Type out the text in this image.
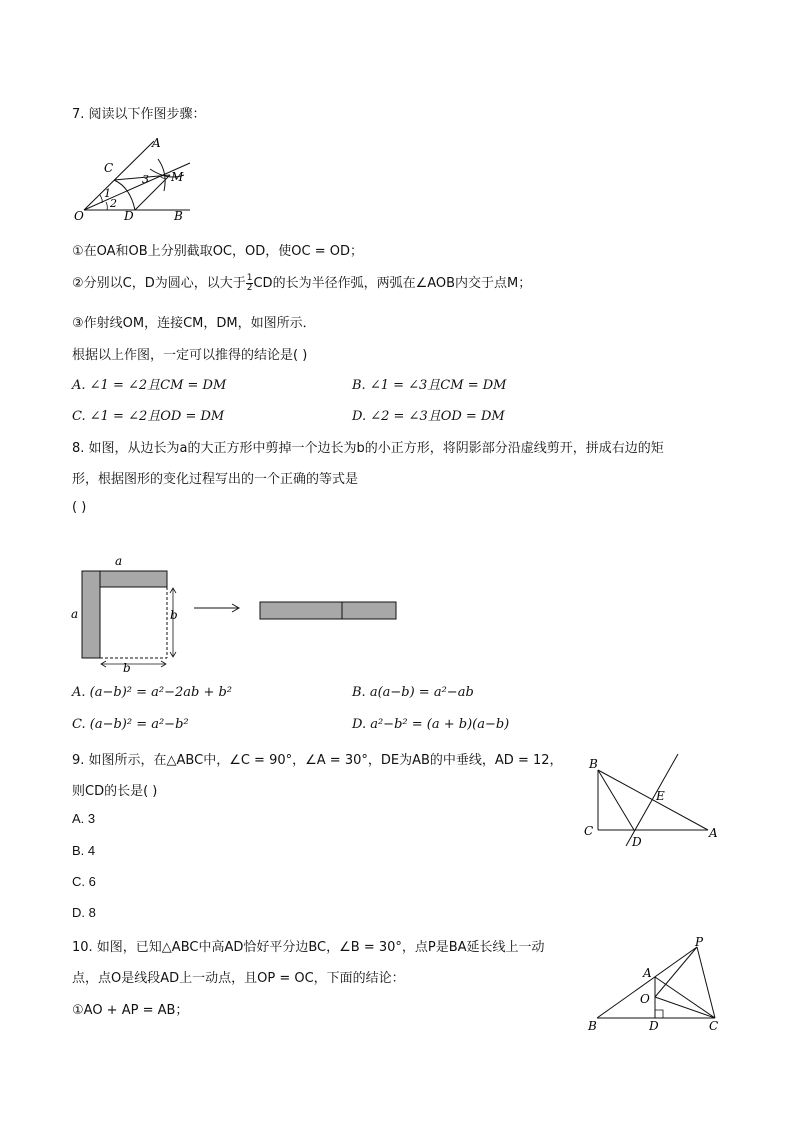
7. 阅读以下作图步骤：
A
C
M
O	D	B
1
2
3
①在OA和OB上分别截取OC，OD，使OC = OD；
②分别以C，D为圆心，以大于 $\frac{1}{2}$ CD的长为半径作弧，两弧在∠AOB内交于点M；
③作射线OM，连接CM，DM，如图所示．
根据以上作图，一定可以推得的结论是( )
A. ∠1 = ∠2且CM = DM	B. ∠1 = ∠3且CM = DM
C. ∠1 = ∠2且OD = DM	D. ∠2 = ∠3且OD = DM
8. 如图，从边长为a的大正方形中剪掉一个边长为b的小正方形，将阴影部分沿虚线剪开，拼成右边的矩
形，根据图形的变化过程写出的一个正确的等式是
( )
a
a	b
b
A. (a−b)² = a²−2ab + b²	B. a(a−b) = a²−ab
C. (a−b)² = a²−b²	D. a²−b² = (a + b)(a−b)
9. 如图所示，在△ABC中，∠C = 90°，∠A = 30°，DE为AB的中垂线，AD = 12，
则CD的长是( )
A. 3
B. 4
C. 6
D. 8
B
E
C
D
A
10. 如图，已知△ABC中高AD恰好平分边BC，∠B = 30°，点P是BA延长线上一动
点，点O是线段AD上一动点，且OP = OC，下面的结论：
①AO + AP = AB；
P
A
O
B	D	C
